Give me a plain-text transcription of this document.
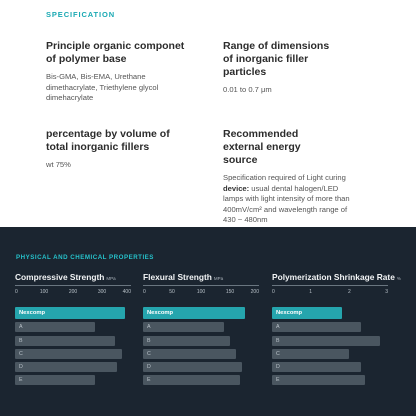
SPECIFICATION
Principle organic componet of polymer base
Bis-GMA, Bis-EMA, Urethane dimethacrylate, Triethylene glycol dimehacrylate
Range of dimensions of inorganic filler particles
0.01 to 0.7 μm
percentage by volume of total inorganic fillers
wt 75%
Recommended external energy source
Specification required of Light curing device: usual dental halogen/LED lamps with light intensity of more than 400mV/cm² and wavelength range of 430 ~ 480nm
PHYSICAL AND CHEMICAL PROPERTIES
Compressive Strength MPa
0	100	200	300	400
Nexcomp
A
B
C
D
E
Flexural Strength MPa
0	50	100	150	200
Nexcomp
A
B
C
D
E
Polymerization Shrinkage Rate %
0	1	2	3
Nexcomp
A
B
C
D
E
